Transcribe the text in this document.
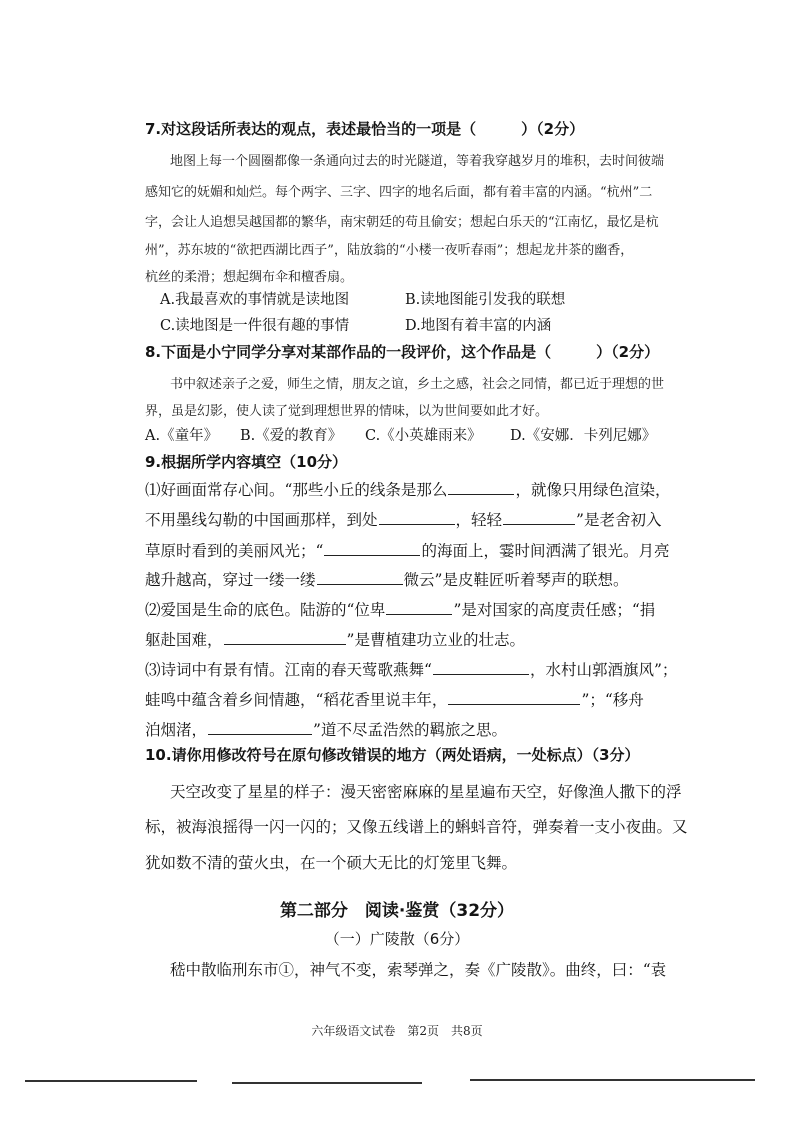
7.对这段话所表达的观点，表述最恰当的一项是（　　　）（2分）
地图上每一个圆圈都像一条通向过去的时光隧道，等着我穿越岁月的堆积，去时间彼端
感知它的妩媚和灿烂。每个两字、三字、四字的地名后面，都有着丰富的内涵。“杭州”二
字，会让人追想吴越国都的繁华，南宋朝廷的苟且偷安；想起白乐天的“江南忆，最忆是杭
州”，苏东坡的“欲把西湖比西子”，陆放翁的“小楼一夜听春雨”；想起龙井茶的幽香，
杭丝的柔滑；想起绸布伞和檀香扇。
A.我最喜欢的事情就是读地图	B.读地图能引发我的联想
C.读地图是一件很有趣的事情	D.地图有着丰富的内涵
8.下面是小宁同学分享对某部作品的一段评价，这个作品是（　　　）（2分）
书中叙述亲子之爱，师生之情，朋友之谊，乡土之感，社会之同情，都已近于理想的世
界，虽是幻影，使人读了觉到理想世界的情味，以为世间要如此才好。
A.《童年》 B.《爱的教育》 C.《小英雄雨来》 D.《安娜．卡列尼娜》
9.根据所学内容填空（10分）
⑴好画面常存心间。“那些小丘的线条是那么	，就像只用绿色渲染，
不用墨线勾勒的中国画那样，到处	，轻轻	”是老舍初入
草原时看到的美丽风光；“	的海面上，霎时间洒满了银光。月亮
越升越高，穿过一缕一缕	微云”是皮鞋匠听着琴声的联想。
⑵爱国是生命的底色。陆游的“位卑	”是对国家的高度责任感；“捐
躯赴国难，	”是曹植建功立业的壮志。
⑶诗词中有景有情。江南的春天莺歌燕舞“	，水村山郭酒旗风”；
蛙鸣中蕴含着乡间情趣，“稻花香里说丰年，	”；“移舟
泊烟渚，	”道不尽孟浩然的羁旅之思。
10.请你用修改符号在原句修改错误的地方（两处语病，一处标点）（3分）
天空改变了星星的样子：漫天密密麻麻的星星遍布天空，好像渔人撒下的浮
标，被海浪摇得一闪一闪的；又像五线谱上的蝌蚪音符，弹奏着一支小夜曲。又
犹如数不清的萤火虫，在一个硕大无比的灯笼里飞舞。
第二部分　阅读·鉴赏（32分）
（一）广陵散（6分）
嵇中散临刑东市①，神气不变，索琴弹之，奏《广陵散》。曲终，曰：“袁
六年级语文试卷　第2页　共8页
